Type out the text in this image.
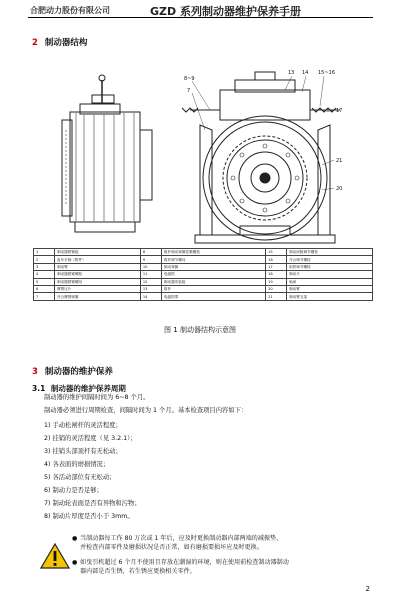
合肥动力股份有限公司	GZD 系列制动器维护保养手册
2 制动器结构
8~9
7
13 14 15~16
17
21
20
1	制动器锁紧板	8	推杆制动弹簧张紧螺栓	15	制动间隙调节螺栓
2	盘车手柄（附件）	9	推杆调节螺母	16	开合调节螺栓
3	制动臂	10	制动弹簧	17	衔铁调节螺栓
4	制动器锁紧螺栓	11	电磁铁	18	制动片
5	制动器锁紧螺母	12	制动器安装板	19	轴承
6	摩擦压片	13	推杆	20	制动臂
7	开合摩擦弹簧	14	电磁铁罩	21	制动臂支架
图 1 制动器结构示意图
3 制动器的维护保养
3.1 制动器的维护保养周期
制动器的维护间隔时间为 6~8 个月。
制动器必须进行周期检查，间隔时间为 1 个月。基本检查项目内容如下：
1) 手动松闸杆的灵活程度；
2) 挂销的灵活程度（见 3.2.1）；
3) 挂销头部顶杆有无松动；
4) 各表面的磨损情况；
5) 各活动部位有无松动；
6) 制动力是否足够；
7) 制动轮表面是否有异物和污物；
8) 制动片厚度是否小于 3mm。
● 当制动器每工作 80 万次或 1 年后，应及时更换制动器内部两端的减振垫，
并检查内部零件及磨损状况是否正常，如有磨损要损坏应及时更换。
● 如曳引机超过 6 个月不使用且存放在潮湿的环境，则在使用前检查制动器制动
器内部是否生锈，若生锈应更换相关零件。
2
